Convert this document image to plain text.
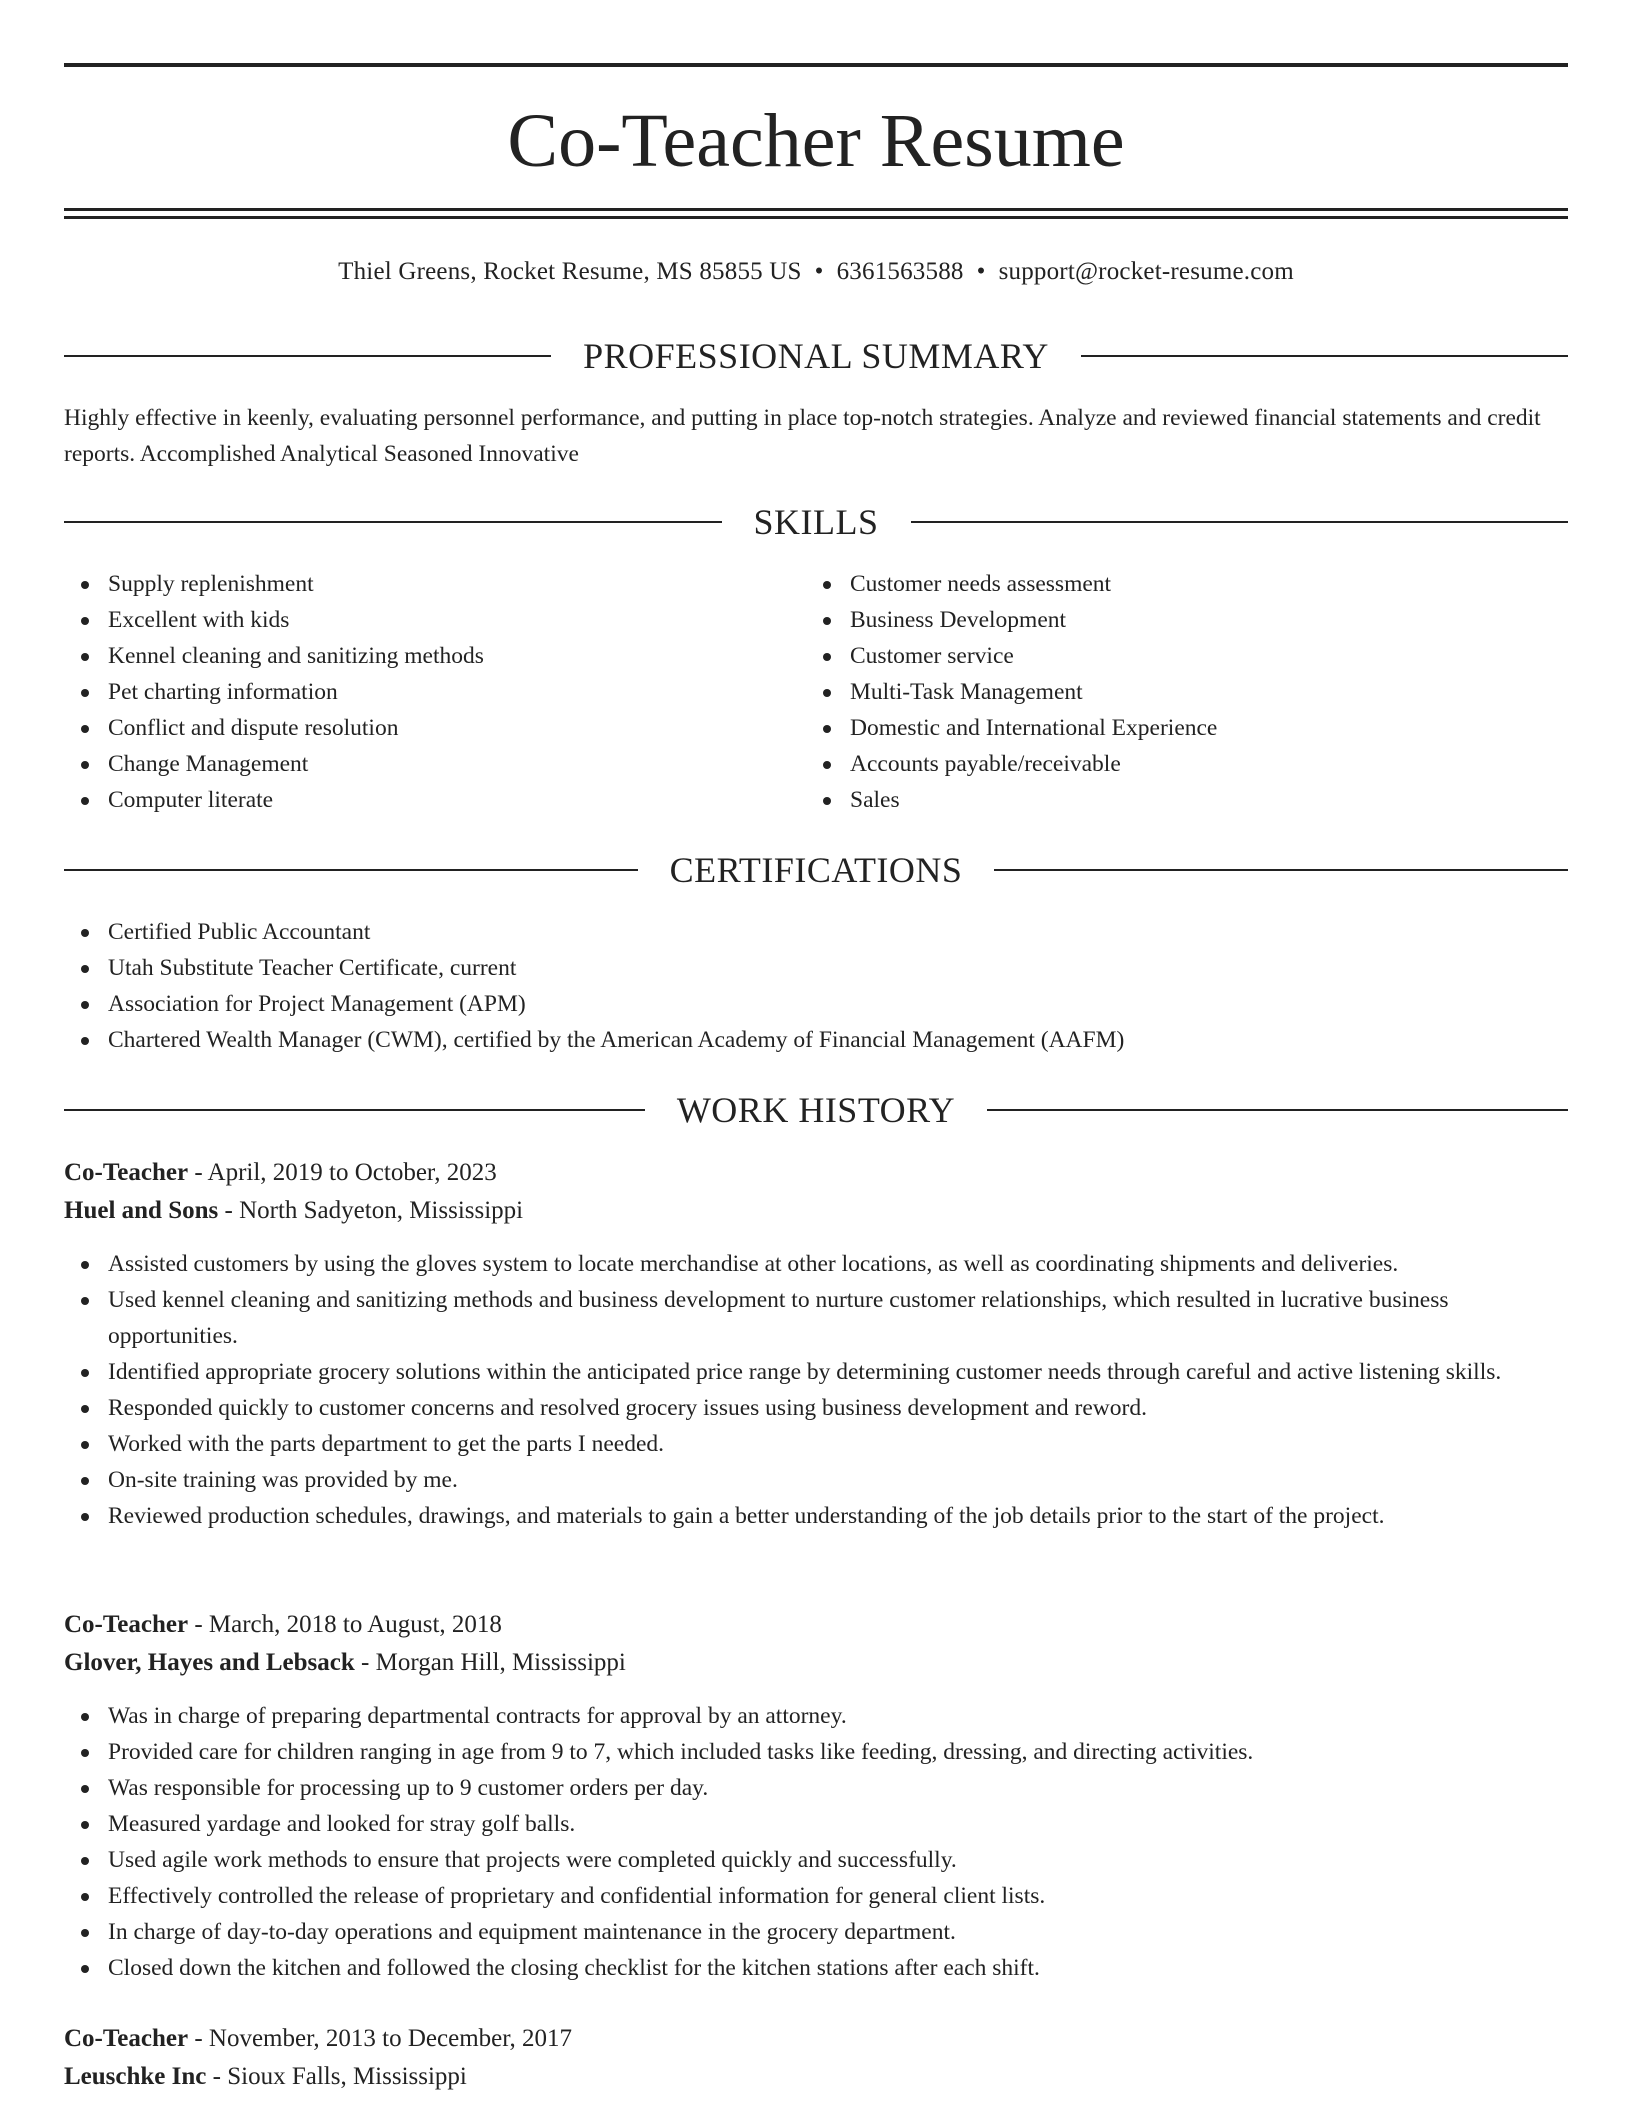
Co-Teacher Resume
Thiel Greens, Rocket Resume, MS 85855 US • 6361563588 • support@rocket-resume.com
PROFESSIONAL SUMMARY

Highly effective in keenly, evaluating personnel performance, and putting in place top-notch strategies. Analyze and reviewed financial statements and credit reports. Accomplished Analytical Seasoned Innovative

SKILLS
Supply replenishment
Excellent with kids
Kennel cleaning and sanitizing methods
Pet charting information
Conflict and dispute resolution
Change Management
Computer literate
Customer needs assessment
Business Development
Customer service
Multi-Task Management
Domestic and International Experience
Accounts payable/receivable
Sales
CERTIFICATIONS
Certified Public Accountant
Utah Substitute Teacher Certificate, current
Association for Project Management (APM)
Chartered Wealth Manager (CWM), certified by the American Academy of Financial Management (AAFM)
WORK HISTORY
Co-Teacher - April, 2019 to October, 2023
Huel and Sons - North Sadyeton, Mississippi
Assisted customers by using the gloves system to locate merchandise at other locations, as well as coordinating shipments and deliveries.
Used kennel cleaning and sanitizing methods and business development to nurture customer relationships, which resulted in lucrative business opportunities.
Identified appropriate grocery solutions within the anticipated price range by determining customer needs through careful and active listening skills.
Responded quickly to customer concerns and resolved grocery issues using business development and reword.
Worked with the parts department to get the parts I needed.
On-site training was provided by me.
Reviewed production schedules, drawings, and materials to gain a better understanding of the job details prior to the start of the project.
Co-Teacher - March, 2018 to August, 2018
Glover, Hayes and Lebsack - Morgan Hill, Mississippi
Was in charge of preparing departmental contracts for approval by an attorney.
Provided care for children ranging in age from 9 to 7, which included tasks like feeding, dressing, and directing activities.
Was responsible for processing up to 9 customer orders per day.
Measured yardage and looked for stray golf balls.
Used agile work methods to ensure that projects were completed quickly and successfully.
Effectively controlled the release of proprietary and confidential information for general client lists.
In charge of day-to-day operations and equipment maintenance in the grocery department.
Closed down the kitchen and followed the closing checklist for the kitchen stations after each shift.
Co-Teacher - November, 2013 to December, 2017
Leuschke Inc - Sioux Falls, Mississippi
